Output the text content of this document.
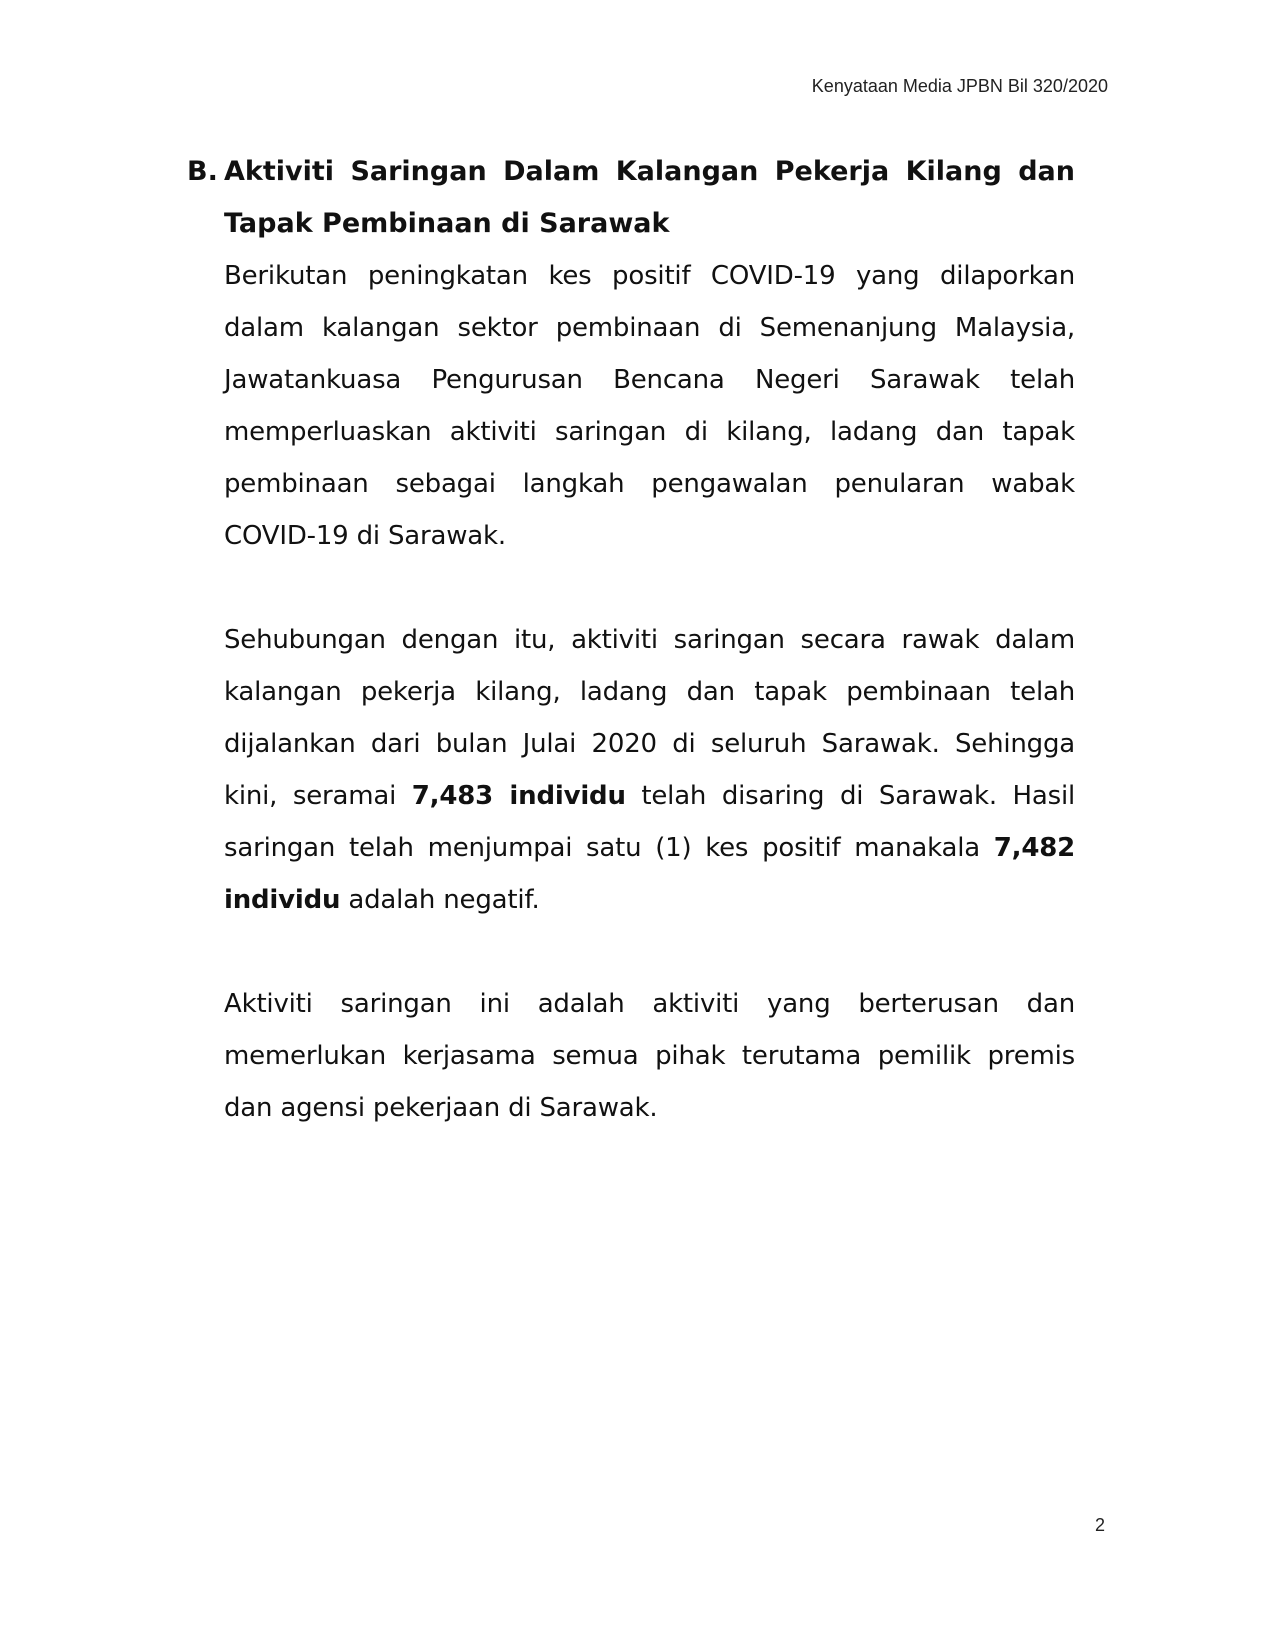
Kenyataan Media JPBN Bil 320/2020

B. Aktiviti Saringan Dalam Kalangan Pekerja Kilang dan Tapak Pembinaan di Sarawak

Berikutan peningkatan kes positif COVID-19 yang dilaporkan dalam kalangan sektor pembinaan di Semenanjung Malaysia, Jawatankuasa Pengurusan Bencana Negeri Sarawak telah memperluaskan aktiviti saringan di kilang, ladang dan tapak pembinaan sebagai langkah pengawalan penularan wabak COVID-19 di Sarawak.

Sehubungan dengan itu, aktiviti saringan secara rawak dalam kalangan pekerja kilang, ladang dan tapak pembinaan telah dijalankan dari bulan Julai 2020 di seluruh Sarawak. Sehingga kini, seramai 7,483 individu telah disaring di Sarawak. Hasil saringan telah menjumpai satu (1) kes positif manakala 7,482 individu adalah negatif.

Aktiviti saringan ini adalah aktiviti yang berterusan dan memerlukan kerjasama semua pihak terutama pemilik premis dan agensi pekerjaan di Sarawak.

2
